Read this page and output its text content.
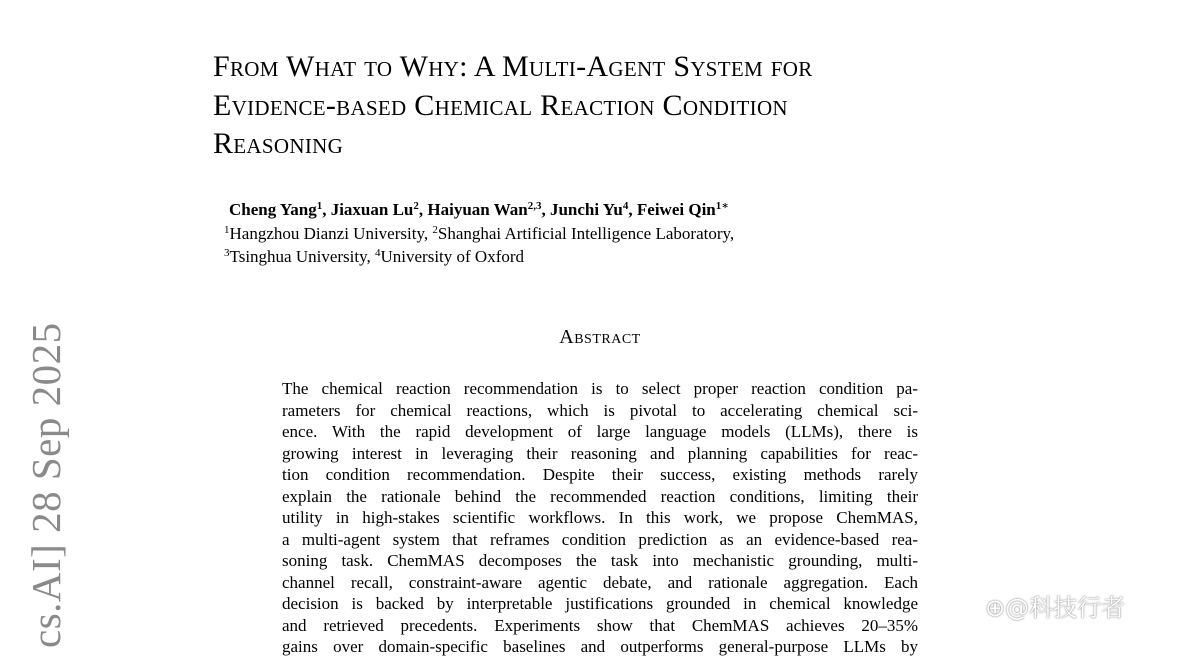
From What to Why: A Multi-Agent System for
Evidence-based Chemical Reaction Condition
Reasoning
Cheng Yang$^1$, Jiaxuan Lu$^2$, Haiyuan Wan$^{2,3}$, Junchi Yu$^4$, Feiwei Qin$^{1∗}$
$^1$Hangzhou Dianzi University, $^2$Shanghai Artificial Intelligence Laboratory,
$^3$Tsinghua University, $^4$University of Oxford
Abstract
The chemical reaction recommendation is to select proper reaction condition pa-
rameters for chemical reactions, which is pivotal to accelerating chemical sci-
ence. With the rapid development of large language models (LLMs), there is
growing interest in leveraging their reasoning and planning capabilities for reac-
tion condition recommendation. Despite their success, existing methods rarely
explain the rationale behind the recommended reaction conditions, limiting their
utility in high-stakes scientific workflows. In this work, we propose ChemMAS,
a multi-agent system that reframes condition prediction as an evidence-based rea-
soning task. ChemMAS decomposes the task into mechanistic grounding, multi-
channel recall, constraint-aware agentic debate, and rationale aggregation. Each
decision is backed by interpretable justifications grounded in chemical knowledge
and retrieved precedents. Experiments show that ChemMAS achieves 20–35%
gains over domain-specific baselines and outperforms general-purpose LLMs by
cs.AI] 28 Sep 2025	⊕@科技行者
